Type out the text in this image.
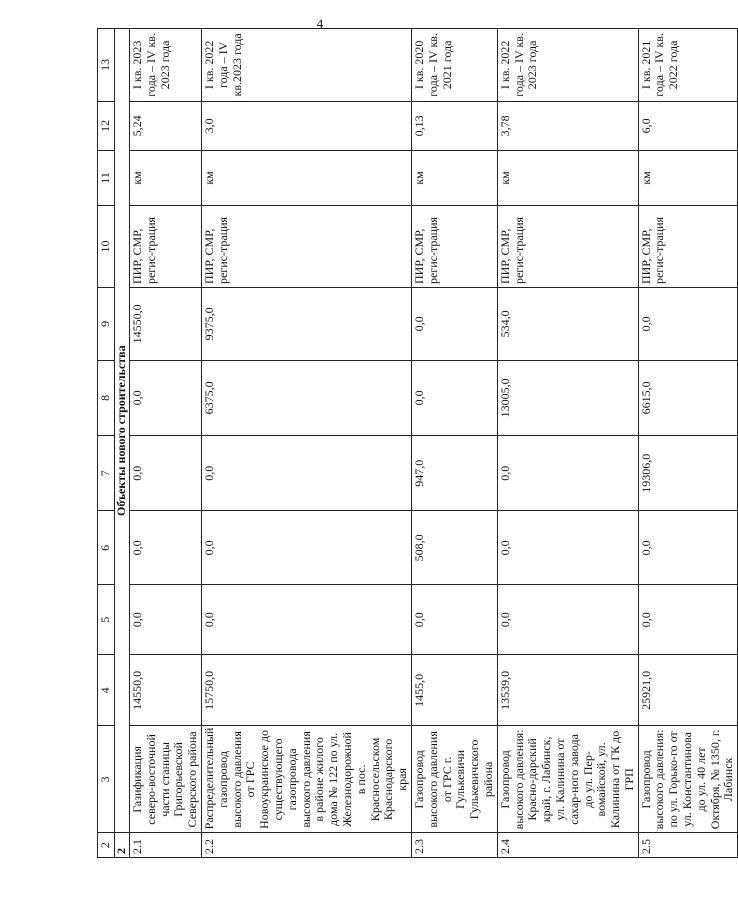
4
	2	3	4	5	6	7	8	9	10	11	12	13
	2	Объекты нового строительства										
2.1	Газификация северо-восточной части станицы Григорьевской Северского района	14550,0	0,0	0,0	0,0	0,0	14550,0	ПИР, СМР, регис-трация	км	5,24	I кв. 2023 года – IV кв. 2023 года
2.2	Распределительный газопровод высокого давления от ГРС Новоукраинское до существующего газопровода высокого давления в районе жилого дома № 122 по ул. Железнодорожной в пос. Красносельском Краснодарского края	15750,0	0,0	0,0	0,0	6375,0	9375,0	ПИР, СМР, регис-трация	км	3,0	I кв. 2022 года – IV кв.2023 года
2.3	Газопровод высокого давления от ГРС г. Гулькевичи Гулькевичского района	1455,0	0,0	508,0	947,0	0,0	0,0	ПИР, СМР, регис-трация	км	0,13	I кв. 2020 года – IV кв. 2021 года
2.4	Газопровод высокого давления: Красно-дарский край, г. Лабинск, ул. Калинина от сахар-ного завода до ул. Пер-вомайской, ул. Калинина от ГК до ГРП	13539,0	0,0	0,0	0,0	13005,0	534,0	ПИР, СМР, регис-трация	км	3,78	I кв. 2022 года – IV кв. 2023 года
2.5	Газопровод высокого давления: по ул. Горько-го от ул. Константинова до ул. 40 лет Октября, № 1350, г. Лабинск	25921,0	0,0	0,0	19306,0	6615,0	0,0	ПИР, СМР, регис-трация	км	6,0	I кв. 2021 года – IV кв. 2022 года
